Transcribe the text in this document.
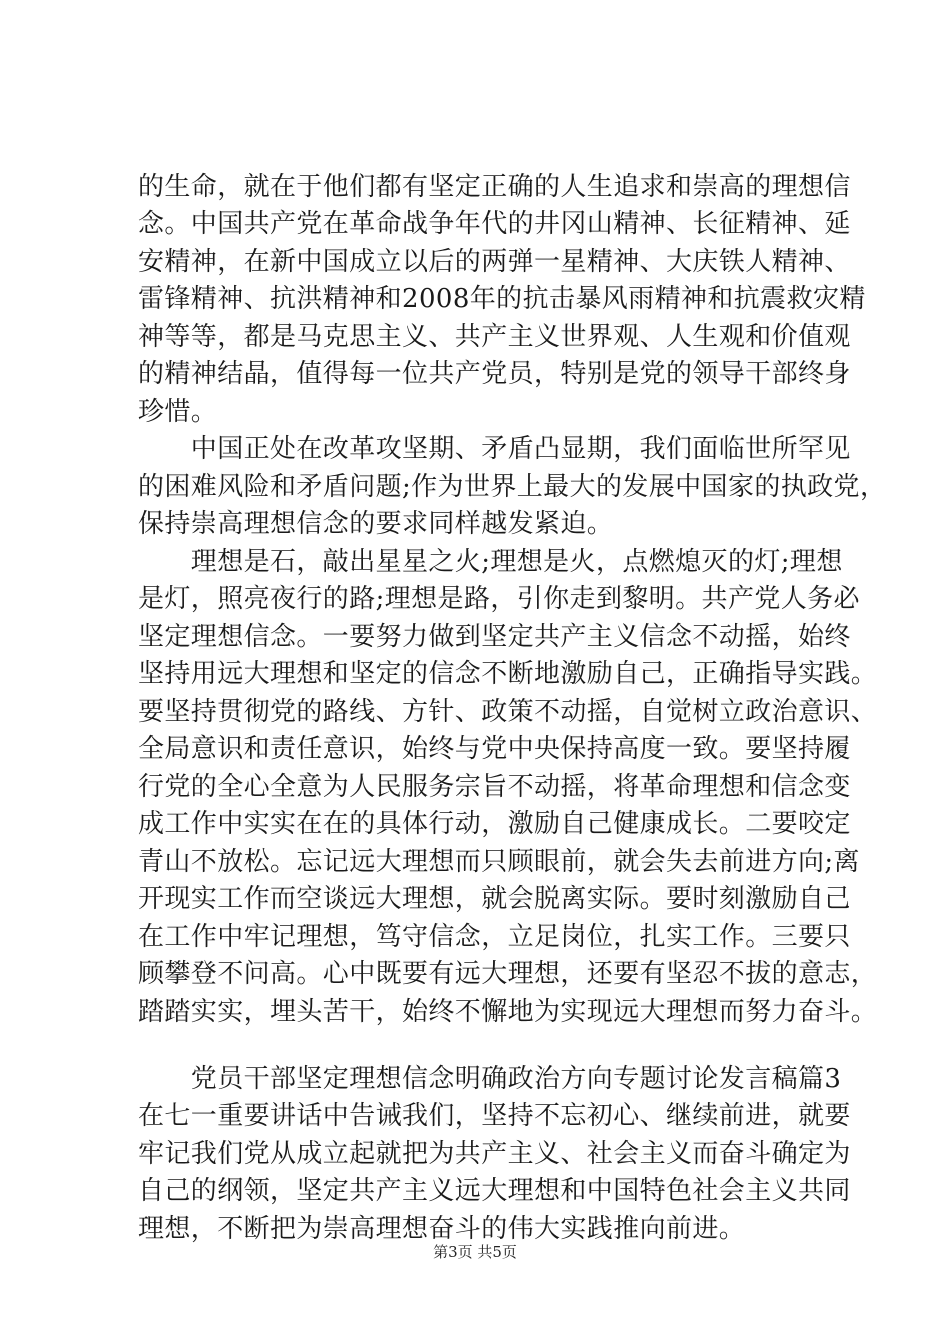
的生命，就在于他们都有坚定正确的人生追求和崇高的理想信
念。中国共产党在革命战争年代的井冈山精神、长征精神、延
安精神，在新中国成立以后的两弹一星精神、大庆铁人精神、
雷锋精神、抗洪精神和2008年的抗击暴风雨精神和抗震救灾精
神等等，都是马克思主义、共产主义世界观、人生观和价值观
的精神结晶，值得每一位共产党员，特别是党的领导干部终身
珍惜。
　　中国正处在改革攻坚期、矛盾凸显期，我们面临世所罕见
的困难风险和矛盾问题;作为世界上最大的发展中国家的执政党，
保持崇高理想信念的要求同样越发紧迫。
　　理想是石，敲出星星之火;理想是火，点燃熄灭的灯;理想
是灯，照亮夜行的路;理想是路，引你走到黎明。共产党人务必
坚定理想信念。一要努力做到坚定共产主义信念不动摇，始终
坚持用远大理想和坚定的信念不断地激励自己，正确指导实践。
要坚持贯彻党的路线、方针、政策不动摇，自觉树立政治意识、
全局意识和责任意识，始终与党中央保持高度一致。要坚持履
行党的全心全意为人民服务宗旨不动摇，将革命理想和信念变
成工作中实实在在的具体行动，激励自己健康成长。二要咬定
青山不放松。忘记远大理想而只顾眼前，就会失去前进方向;离
开现实工作而空谈远大理想，就会脱离实际。要时刻激励自己
在工作中牢记理想，笃守信念，立足岗位，扎实工作。三要只
顾攀登不问高。心中既要有远大理想，还要有坚忍不拔的意志，
踏踏实实，埋头苦干，始终不懈地为实现远大理想而努力奋斗。
　　党员干部坚定理想信念明确政治方向专题讨论发言稿篇3
在七一重要讲话中告诫我们，坚持不忘初心、继续前进，就要
牢记我们党从成立起就把为共产主义、社会主义而奋斗确定为
自己的纲领，坚定共产主义远大理想和中国特色社会主义共同
理想，不断把为崇高理想奋斗的伟大实践推向前进。
第3页 共5页
